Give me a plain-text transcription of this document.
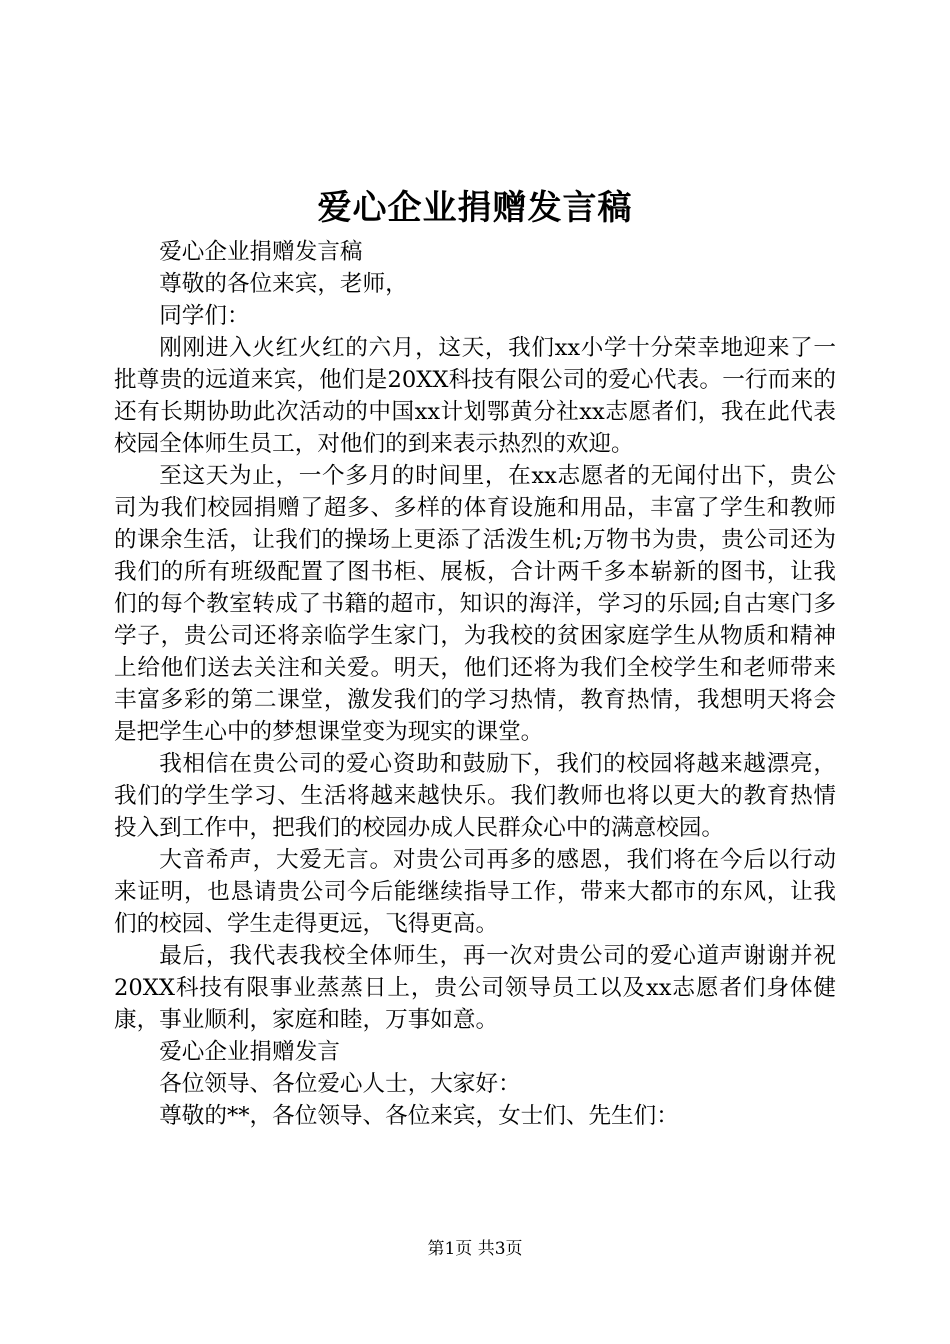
爱心企业捐赠发言稿

爱心企业捐赠发言稿

尊敬的各位来宾，老师，

同学们：

刚刚进入火红火红的六月，这天，我们xx小学十分荣幸地迎来了一批尊贵的远道来宾，他们是20XX科技有限公司的爱心代表。一行而来的还有长期协助此次活动的中国xx计划鄂黄分社xx志愿者们，我在此代表校园全体师生员工，对他们的到来表示热烈的欢迎。

至这天为止，一个多月的时间里，在xx志愿者的无闻付出下，贵公司为我们校园捐赠了超多、多样的体育设施和用品，丰富了学生和教师的课余生活，让我们的操场上更添了活泼生机;万物书为贵，贵公司还为我们的所有班级配置了图书柜、展板，合计两千多本崭新的图书，让我们的每个教室转成了书籍的超市，知识的海洋，学习的乐园;自古寒门多学子，贵公司还将亲临学生家门，为我校的贫困家庭学生从物质和精神上给他们送去关注和关爱。明天，他们还将为我们全校学生和老师带来丰富多彩的第二课堂，激发我们的学习热情，教育热情，我想明天将会是把学生心中的梦想课堂变为现实的课堂。

我相信在贵公司的爱心资助和鼓励下，我们的校园将越来越漂亮，我们的学生学习、生活将越来越快乐。我们教师也将以更大的教育热情投入到工作中，把我们的校园办成人民群众心中的满意校园。

大音希声，大爱无言。对贵公司再多的感恩，我们将在今后以行动来证明，也恳请贵公司今后能继续指导工作，带来大都市的东风，让我们的校园、学生走得更远，飞得更高。

最后，我代表我校全体师生，再一次对贵公司的爱心道声谢谢并祝20XX科技有限事业蒸蒸日上，贵公司领导员工以及xx志愿者们身体健康，事业顺利，家庭和睦，万事如意。

爱心企业捐赠发言

各位领导、各位爱心人士，大家好：

尊敬的**，各位领导、各位来宾，女士们、先生们：

第1页 共3页
